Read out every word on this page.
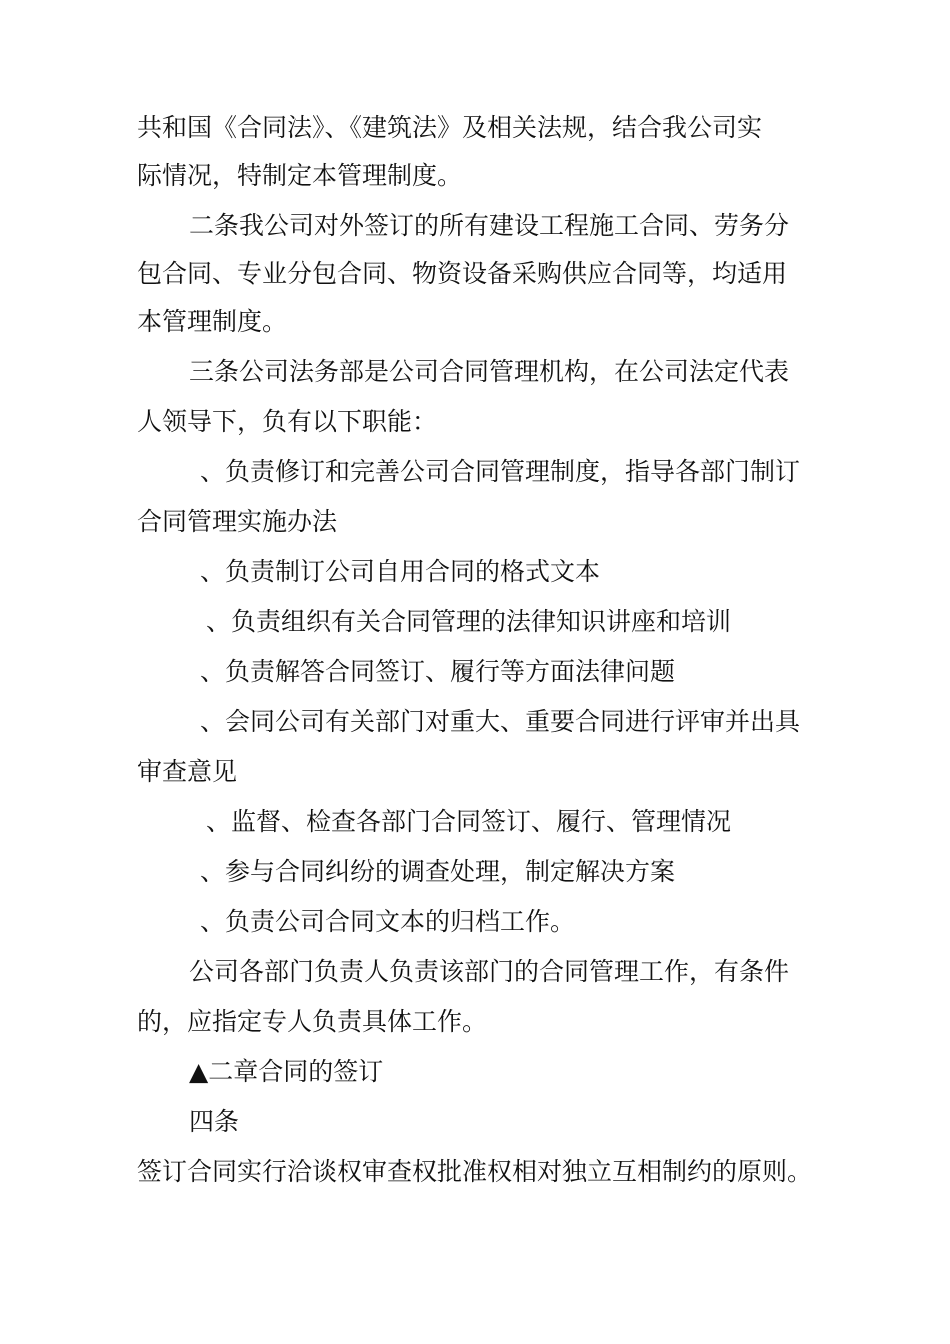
共和国《合同法》、《建筑法》及相关法规，结合我公司实
际情况，特制定本管理制度。
二条我公司对外签订的所有建设工程施工合同、劳务分
包合同、专业分包合同、物资设备采购供应合同等，均适用
本管理制度。
三条公司法务部是公司合同管理机构，在公司法定代表
人领导下，负有以下职能：
、负责修订和完善公司合同管理制度，指导各部门制订
合同管理实施办法
、负责制订公司自用合同的格式文本
、负责组织有关合同管理的法律知识讲座和培训
、负责解答合同签订、履行等方面法律问题
、会同公司有关部门对重大、重要合同进行评审并出具
审查意见
、监督、检查各部门合同签订、履行、管理情况
、参与合同纠纷的调查处理，制定解决方案
、负责公司合同文本的归档工作。
公司各部门负责人负责该部门的合同管理工作，有条件
的，应指定专人负责具体工作。
▲二章合同的签订
四条
签订合同实行洽谈权审查权批准权相对独立互相制约的原则。
